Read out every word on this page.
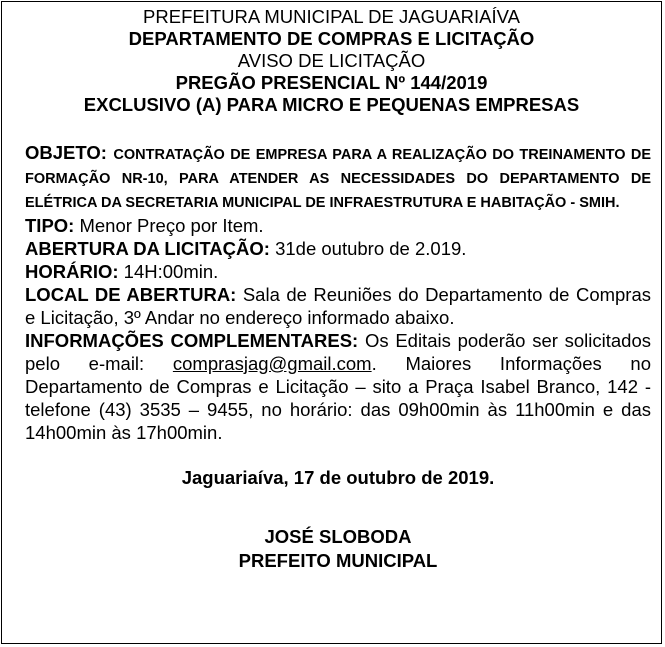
PREFEITURA MUNICIPAL DE JAGUARIAÍVA
DEPARTAMENTO DE COMPRAS E LICITAÇÃO
AVISO DE LICITAÇÃO
PREGÃO PRESENCIAL Nº 144/2019
EXCLUSIVO (A) PARA MICRO E PEQUENAS EMPRESAS
OBJETO: CONTRATAÇÃO DE EMPRESA PARA A REALIZAÇÃO DO TREINAMENTO DE FORMAÇÃO NR-10, PARA ATENDER AS NECESSIDADES DO DEPARTAMENTO DE ELÉTRICA DA SECRETARIA MUNICIPAL DE INFRAESTRUTURA E HABITAÇÃO - SMIH.
TIPO: Menor Preço por Item.
ABERTURA DA LICITAÇÃO: 31de outubro de 2.019.
HORÁRIO: 14H:00min.
LOCAL DE ABERTURA: Sala de Reuniões do Departamento de Compras e Licitação, 3º Andar no endereço informado abaixo.
INFORMAÇÕES COMPLEMENTARES: Os Editais poderão ser solicitados pelo e-mail: comprasjag@gmail.com. Maiores Informações no Departamento de Compras e Licitação – sito a Praça Isabel Branco, 142 - telefone (43) 3535 – 9455, no horário: das 09h00min às 11h00min e das 14h00min às 17h00min.
Jaguariaíva, 17 de outubro de 2019.
JOSÉ SLOBODA
PREFEITO MUNICIPAL
